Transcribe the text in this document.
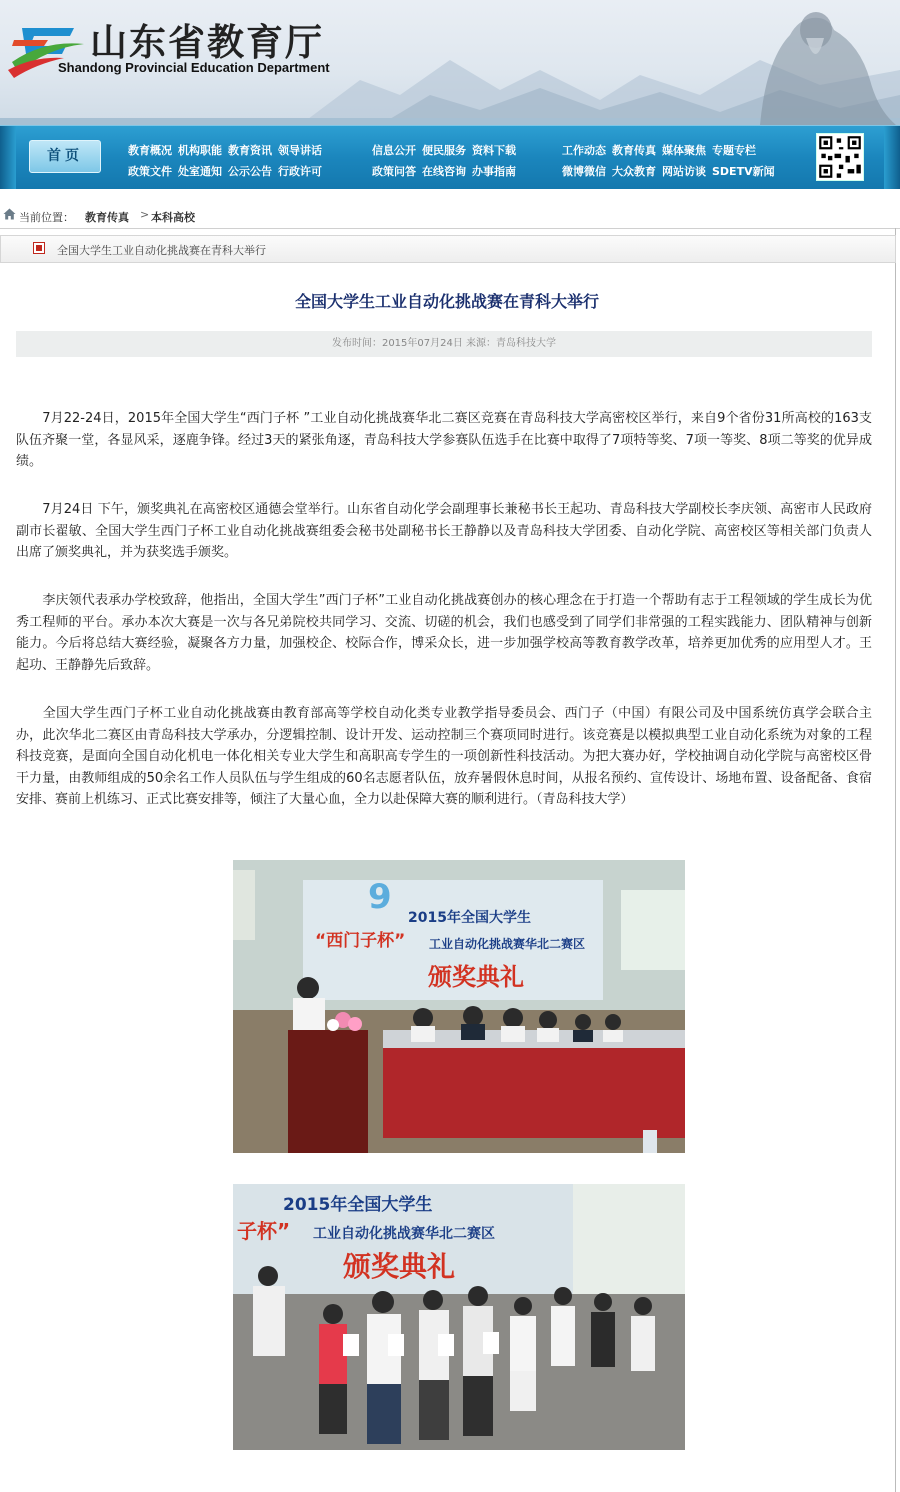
山东省教育厅
Shandong Provincial Education Department
首页	教育概况 机构职能 教育资讯 领导讲话
政策文件 处室通知 公示公告 行政许可
信息公开 便民服务 资料下载
政策问答 在线咨询 办事指南
工作动态 教育传真 媒体聚焦 专题专栏
微博微信 大众教育 网站访谈 SDETV新闻
当前位置： 教育传真 > 本科高校
全国大学生工业自动化挑战赛在青科大举行
全国大学生工业自动化挑战赛在青科大举行
发布时间：2015年07月24日 来源：青岛科技大学
　　7月22-24日，2015年全国大学生“西门子杯 ”工业自动化挑战赛华北二赛区竞赛在青岛科技大学高密校区举行，来自9个省份31所高校的163支队伍齐聚一堂，各显风采，逐鹿争锋。经过3天的紧张角逐，青岛科技大学参赛队伍选手在比赛中取得了7项特等奖、7项一等奖、8项二等奖的优异成绩。
　　7月24日 下午，颁奖典礼在高密校区通德会堂举行。山东省自动化学会副理事长兼秘书长王起功、青岛科技大学副校长李庆领、高密市人民政府副市长翟敏、全国大学生西门子杯工业自动化挑战赛组委会秘书处副秘书长王静静以及青岛科技大学团委、自动化学院、高密校区等相关部门负责人出席了颁奖典礼，并为获奖选手颁奖。
　　李庆领代表承办学校致辞，他指出，全国大学生”西门子杯”工业自动化挑战赛创办的核心理念在于打造一个帮助有志于工程领域的学生成长为优秀工程师的平台。承办本次大赛是一次与各兄弟院校共同学习、交流、切磋的机会，我们也感受到了同学们非常强的工程实践能力、团队精神与创新能力。今后将总结大赛经验，凝聚各方力量，加强校企、校际合作，博采众长，进一步加强学校高等教育教学改革，培养更加优秀的应用型人才。王起功、王静静先后致辞。
　　全国大学生西门子杯工业自动化挑战赛由教育部高等学校自动化类专业教学指导委员会、西门子（中国）有限公司及中国系统仿真学会联合主办，此次华北二赛区由青岛科技大学承办，分逻辑控制、设计开发、运动控制三个赛项同时进行。该竞赛是以模拟典型工业自动化系统为对象的工程科技竞赛，是面向全国自动化机电一体化相关专业大学生和高职高专学生的一项创新性科技活动。为把大赛办好，学校抽调自动化学院与高密校区骨干力量，由教师组成的50余名工作人员队伍与学生组成的60名志愿者队伍，放弃暑假休息时间，从报名预约、宣传设计、场地布置、设备配备、食宿安排、赛前上机练习、正式比赛安排等，倾注了大量心血，全力以赴保障大赛的顺利进行。（青岛科技大学）
9
2015年全国大学生
“西门子杯” 工业自动化挑战赛华北二赛区
颁奖典礼
2015年全国大学生
子杯” 工业自动化挑战赛华北二赛区
颁奖典礼
